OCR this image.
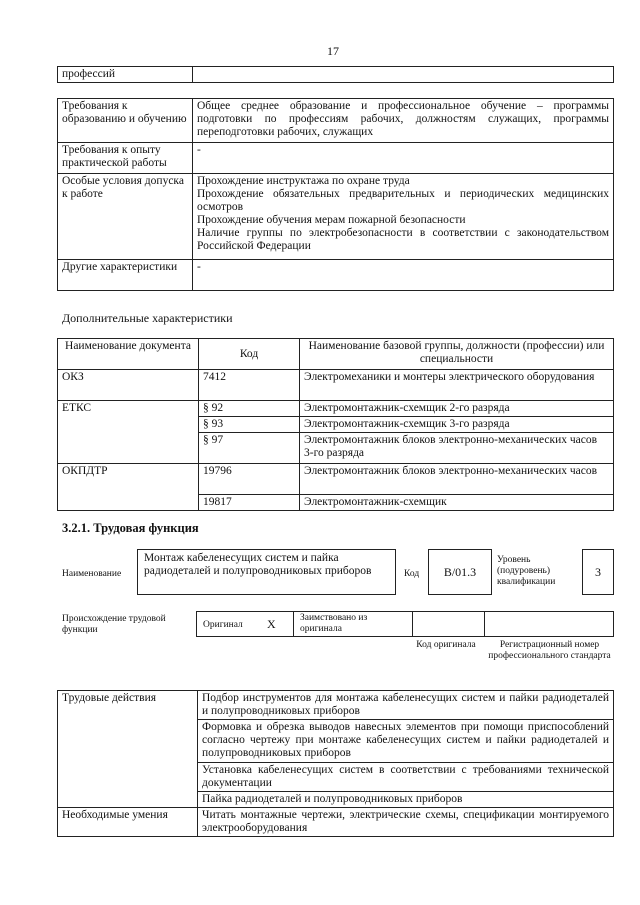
17
профессий	
Требования к образованию и обучению	Общее среднее образование и профессиональное обучение – программы подготовки по профессиям рабочих, должностям служащих, программы переподготовки рабочих, служащих
Требования к опыту практической работы	-
Особые условия допуска к работе	Прохождение инструктажа по охране труда
Прохождение обязательных предварительных и периодических медицинских осмотров
Прохождение обучения мерам пожарной безопасности
Наличие группы по электробезопасности в соответствии с законодательством Российской Федерации

Другие характеристики	-
Дополнительные характеристики
Наименование документа	Код	Наименование базовой группы, должности (профессии) или специальности
ОКЗ	7412	Электромеханики и монтеры электрического оборудования
ЕТКС	§ 92	Электромонтажник-схемщик 2-го разряда
	§ 93	Электромонтажник-схемщик 3-го разряда
	§ 97	Электромонтажник блоков электронно-механических часов 3-го разряда
ОКПДТР	19796	Электромонтажник блоков электронно-механических часов
	19817	Электромонтажник-схемщик
3.2.1. Трудовая функция
Наименование
Монтаж кабеленесущих систем и пайка радиодеталей и полупроводниковых приборов	Код	B/01.3
Уровень (подуровень) квалификации
3
Происхождение трудовой функции	Оригинал X	Заимствовано из оригинала
Код оригинала	Регистрационный номер профессионального стандарта
Трудовые действия	Подбор инструментов для монтажа кабеленесущих систем и пайки радиодеталей и полупроводниковых приборов
	Формовка и обрезка выводов навесных элементов при помощи приспособлений согласно чертежу при монтаже кабеленесущих систем и пайки радиодеталей и полупроводниковых приборов
	Установка кабеленесущих систем в соответствии с требованиями технической документации
	Пайка радиодеталей и полупроводниковых приборов
Необходимые умения	Читать монтажные чертежи, электрические схемы, спецификации монтируемого электрооборудования
